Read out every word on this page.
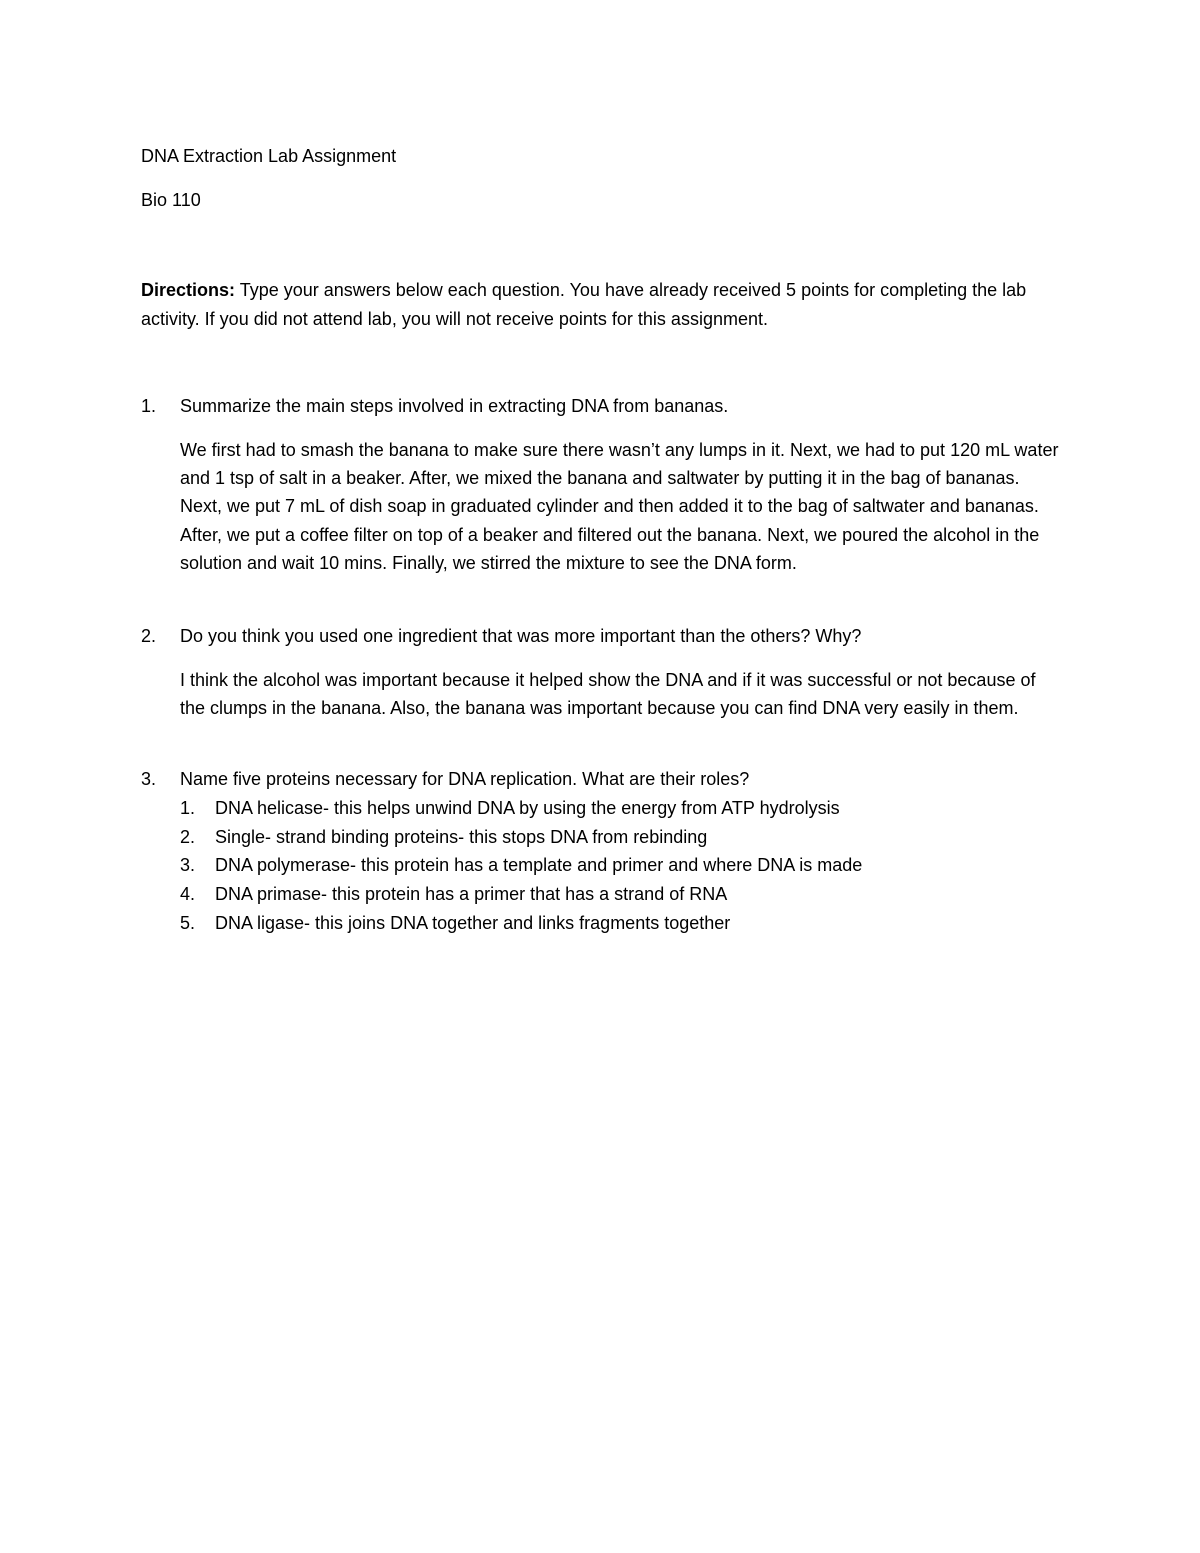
DNA Extraction Lab Assignment
Bio 110
Directions: Type your answers below each question. You have already received 5 points for completing the lab activity. If you did not attend lab, you will not receive points for this assignment.
1.	Summarize the main steps involved in extracting DNA from bananas.
We first had to smash the banana to make sure there wasn’t any lumps in it. Next, we had to put 120 mL water and 1 tsp of salt in a beaker. After, we mixed the banana and saltwater by putting it in the bag of bananas. Next, we put 7 mL of dish soap in graduated cylinder and then added it to the bag of saltwater and bananas. After, we put a coffee filter on top of a beaker and filtered out the banana. Next, we poured the alcohol in the solution and wait 10 mins. Finally, we stirred the mixture to see the DNA form.
2.	Do you think you used one ingredient that was more important than the others? Why?
I think the alcohol was important because it helped show the DNA and if it was successful or not because of the clumps in the banana. Also, the banana was important because you can find DNA very easily in them.
3.	Name five proteins necessary for DNA replication. What are their roles?
1.	DNA helicase- this helps unwind DNA by using the energy from ATP hydrolysis
2.	Single- strand binding proteins- this stops DNA from rebinding
3.	DNA polymerase- this protein has a template and primer and where DNA is made
4.	DNA primase- this protein has a primer that has a strand of RNA
5.	DNA ligase- this joins DNA together and links fragments together
